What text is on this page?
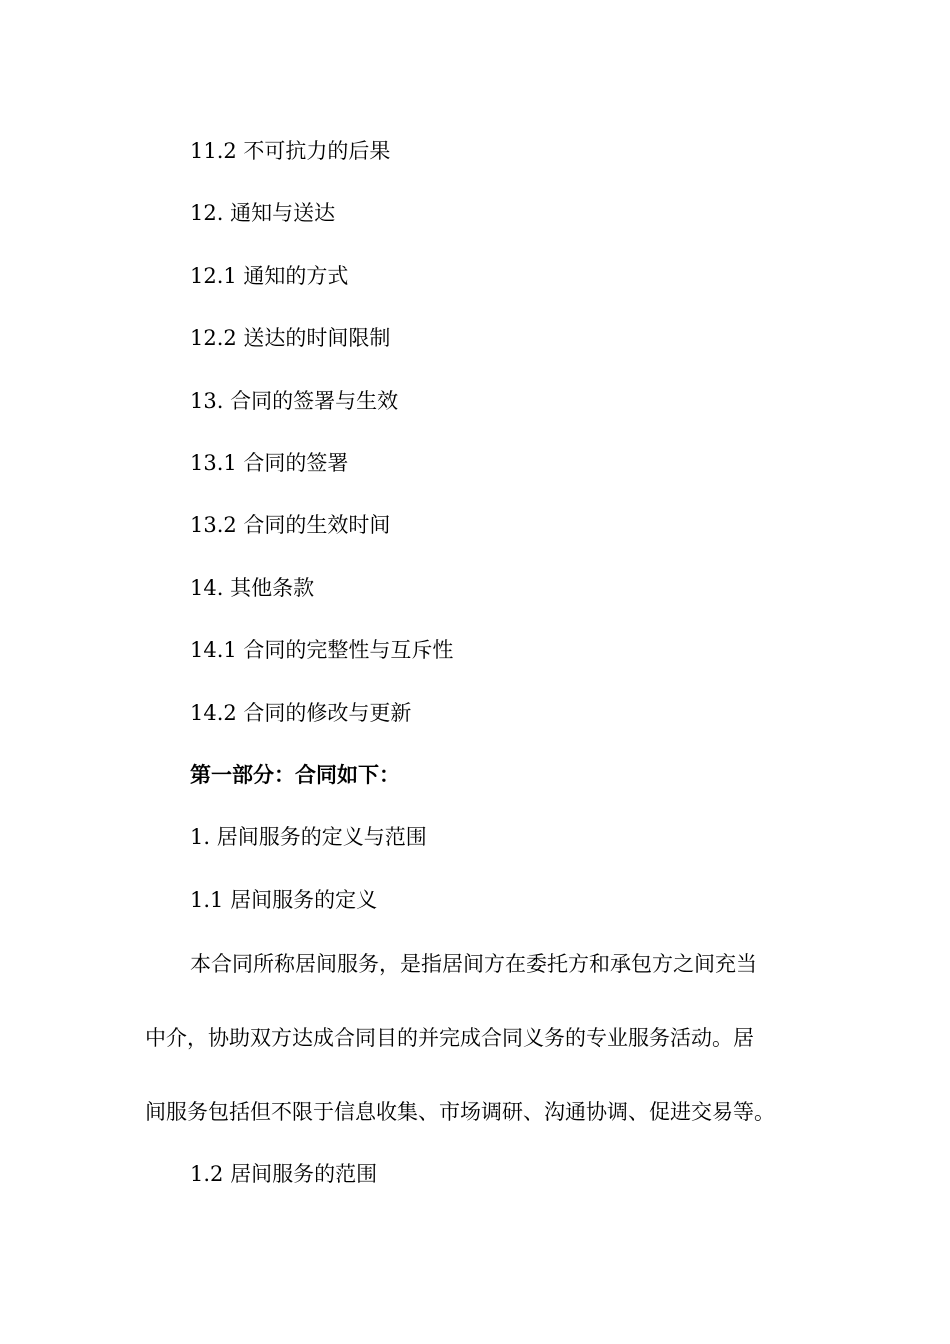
11.2 不可抗力的后果
12. 通知与送达
12.1 通知的方式
12.2 送达的时间限制
13. 合同的签署与生效
13.1 合同的签署
13.2 合同的生效时间
14. 其他条款
14.1 合同的完整性与互斥性
14.2 合同的修改与更新
第一部分：合同如下：
1. 居间服务的定义与范围
1.1 居间服务的定义
本合同所称居间服务，是指居间方在委托方和承包方之间充当
中介，协助双方达成合同目的并完成合同义务的专业服务活动。居
间服务包括但不限于信息收集、市场调研、沟通协调、促进交易等。
1.2 居间服务的范围
